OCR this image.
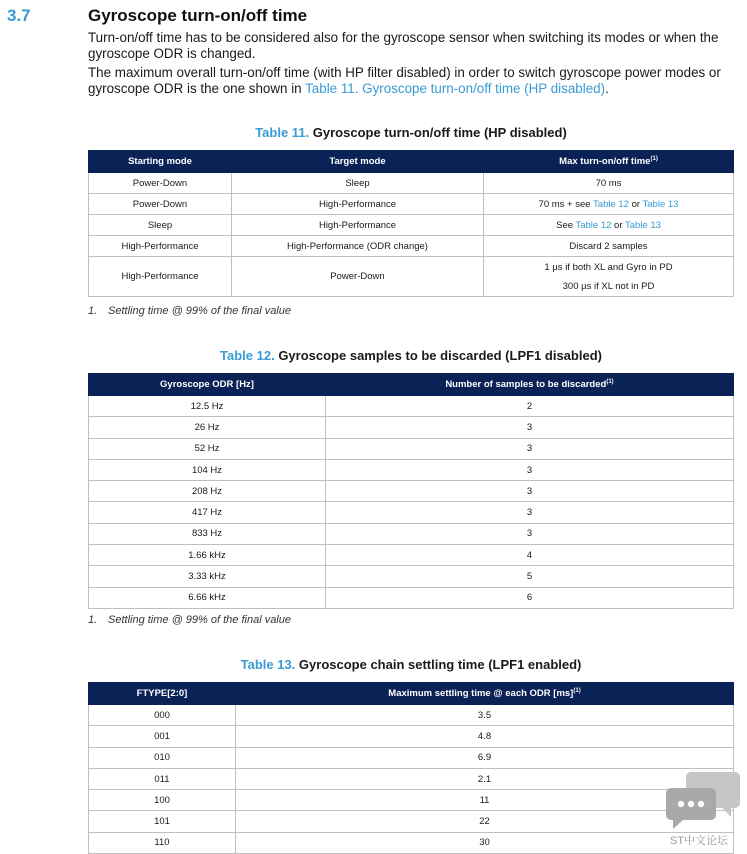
3.7	Gyroscope turn-on/off time
Turn-on/off time has to be considered also for the gyroscope sensor when switching its modes or when the gyroscope ODR is changed.
The maximum overall turn-on/off time (with HP filter disabled) in order to switch gyroscope power modes or gyroscope ODR is the one shown in Table 11. Gyroscope turn-on/off time (HP disabled).
Table 11. Gyroscope turn-on/off time (HP disabled)
Starting mode	Target mode	Max turn-on/off time$^{(1)}$
Power-Down	Sleep	70 ms
Power-Down	High-Performance	70 ms + see Table 12 or Table 13
Sleep	High-Performance	See Table 12 or Table 13
High-Performance	High-Performance (ODR change)	Discard 2 samples
High-Performance	Power-Down	1 µs if both XL and Gyro in PD
300 µs if XL not in PD
1. Settling time @ 99% of the final value
Table 12. Gyroscope samples to be discarded (LPF1 disabled)
Gyroscope ODR [Hz]	Number of samples to be discarded$^{(1)}$
12.5 Hz	2
26 Hz	3
52 Hz	3
104 Hz	3
208 Hz	3
417 Hz	3
833 Hz	3
1.66 kHz	4
3.33 kHz	5
6.66 kHz	6
1. Settling time @ 99% of the final value
Table 13. Gyroscope chain settling time (LPF1 enabled)
FTYPE[2:0]	Maximum settling time @ each ODR [ms]$^{(1)}$
000	3.5
001	4.8
010	6.9
011	2.1
100	11
101	22
110	30	ST中文论坛
